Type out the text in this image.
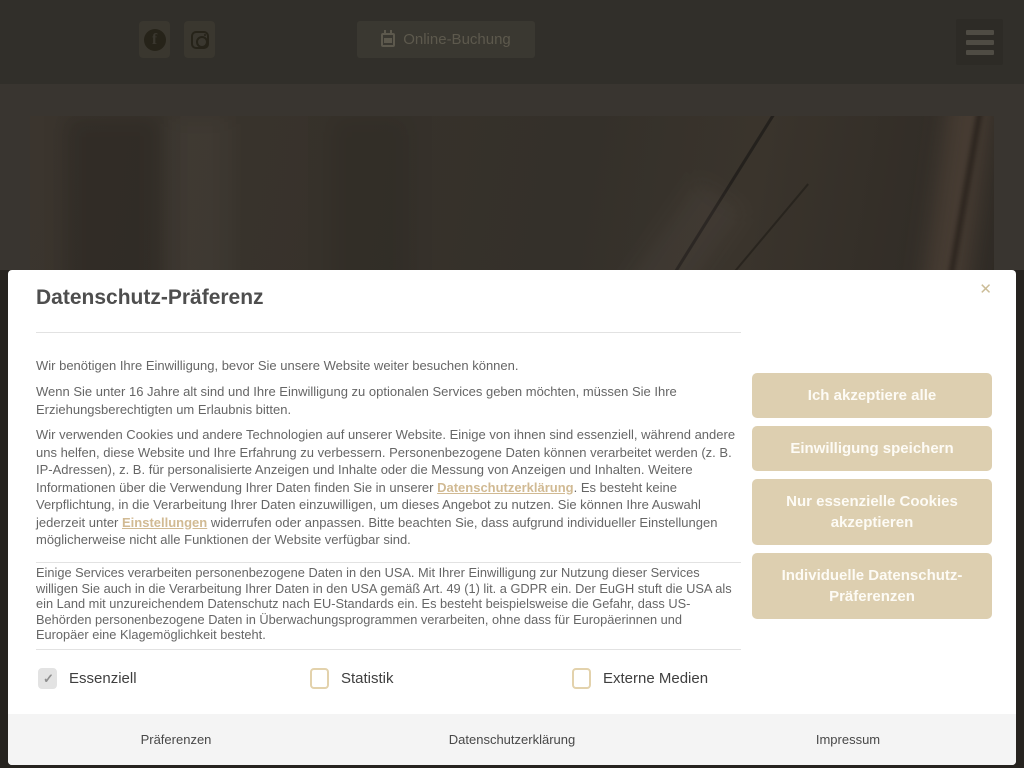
f	Online-Buchung
Datenschutz-Präferenz	✕

Wir benötigen Ihre Einwilligung, bevor Sie unsere Website weiter besuchen können.

Wenn Sie unter 16 Jahre alt sind und Ihre Einwilligung zu optionalen Services geben möchten, müssen Sie Ihre Erziehungsberechtigten um Erlaubnis bitten.

Wir verwenden Cookies und andere Technologien auf unserer Website. Einige von ihnen sind essenziell, während andere uns helfen, diese Website und Ihre Erfahrung zu verbessern. Personenbezogene Daten können verarbeitet werden (z. B. IP-Adressen), z. B. für personalisierte Anzeigen und Inhalte oder die Messung von Anzeigen und Inhalten. Weitere Informationen über die Verwendung Ihrer Daten finden Sie in unserer Datenschutzerklärung. Es besteht keine Verpflichtung, in die Verarbeitung Ihrer Daten einzuwilligen, um dieses Angebot zu nutzen. Sie können Ihre Auswahl jederzeit unter Einstellungen widerrufen oder anpassen. Bitte beachten Sie, dass aufgrund individueller Einstellungen möglicherweise nicht alle Funktionen der Website verfügbar sind.

Einige Services verarbeiten personenbezogene Daten in den USA. Mit Ihrer Einwilligung zur Nutzung dieser Services willigen Sie auch in die Verarbeitung Ihrer Daten in den USA gemäß Art. 49 (1) lit. a GDPR ein. Der EuGH stuft die USA als ein Land mit unzureichendem Datenschutz nach EU-Standards ein. Es besteht beispielsweise die Gefahr, dass US-Behörden personenbezogene Daten in Überwachungsprogrammen verarbeiten, ohne dass für Europäerinnen und Europäer eine Klagemöglichkeit besteht.

✓
Essenziell	Statistik	Externe Medien
Ich akzeptiere alle
Einwilligung speichern
Nur essenzielle Cookies akzeptieren
Individuelle Datenschutz-Präferenzen
Präferenzen	Datenschutzerklärung	Impressum
